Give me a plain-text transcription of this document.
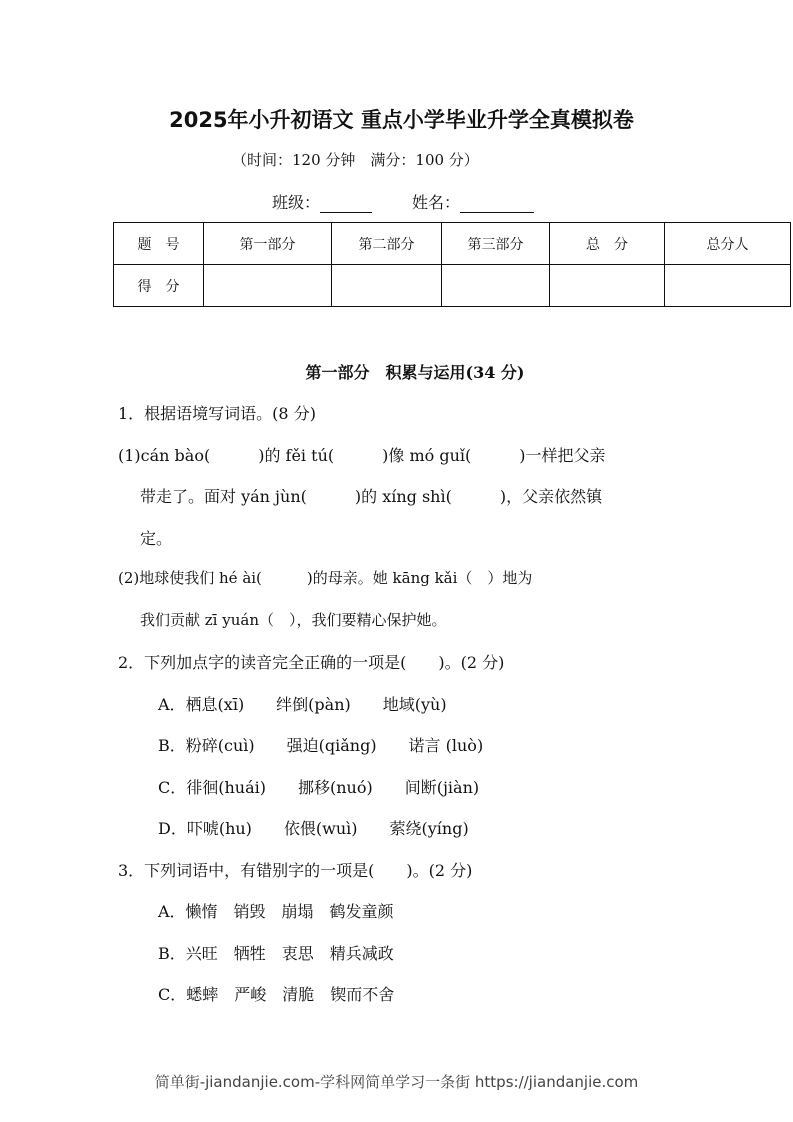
2025年小升初语文 重点小学毕业升学全真模拟卷
（时间：120 分钟　满分：100 分）
班级：	姓名：
题　号	第一部分	第二部分	第三部分	总　分	总分人
得　分					
第一部分　积累与运用(34 分)
1．根据语境写词语。(8 分)
(1)cán bào(　　　)的 fěi tú(　　　)像 mó guǐ(　　　)一样把父亲
带走了。面对 yán jùn(　　　)的 xíng shì(　　　)，父亲依然镇
定。
(2)地球使我们 hé ài(　　　)的母亲。她 kāng kǎi（　）地为
我们贡献 zī yuán（　），我们要精心保护她。
2．下列加点字的读音完全正确的一项是(　　)。(2 分)
A．栖息(xī)　　绊倒(pàn)　　地域(yù)
B．粉碎(cuì)　　强迫(qiǎng)　　诺言 (luò)
C．徘徊(huái)　　挪移(nuó)　　间断(jiàn)
D．吓唬(hu)　　依偎(wuì)　　萦绕(yíng)
3．下列词语中，有错别字的一项是(　　)。(2 分)
A．懒惰　销毁　崩塌　鹤发童颜
B．兴旺　牺牲　衷思　精兵减政
C．蟋蟀　严峻　清脆　锲而不舍
简单街-jiandanjie.com-学科网简单学习一条街 https://jiandanjie.com
